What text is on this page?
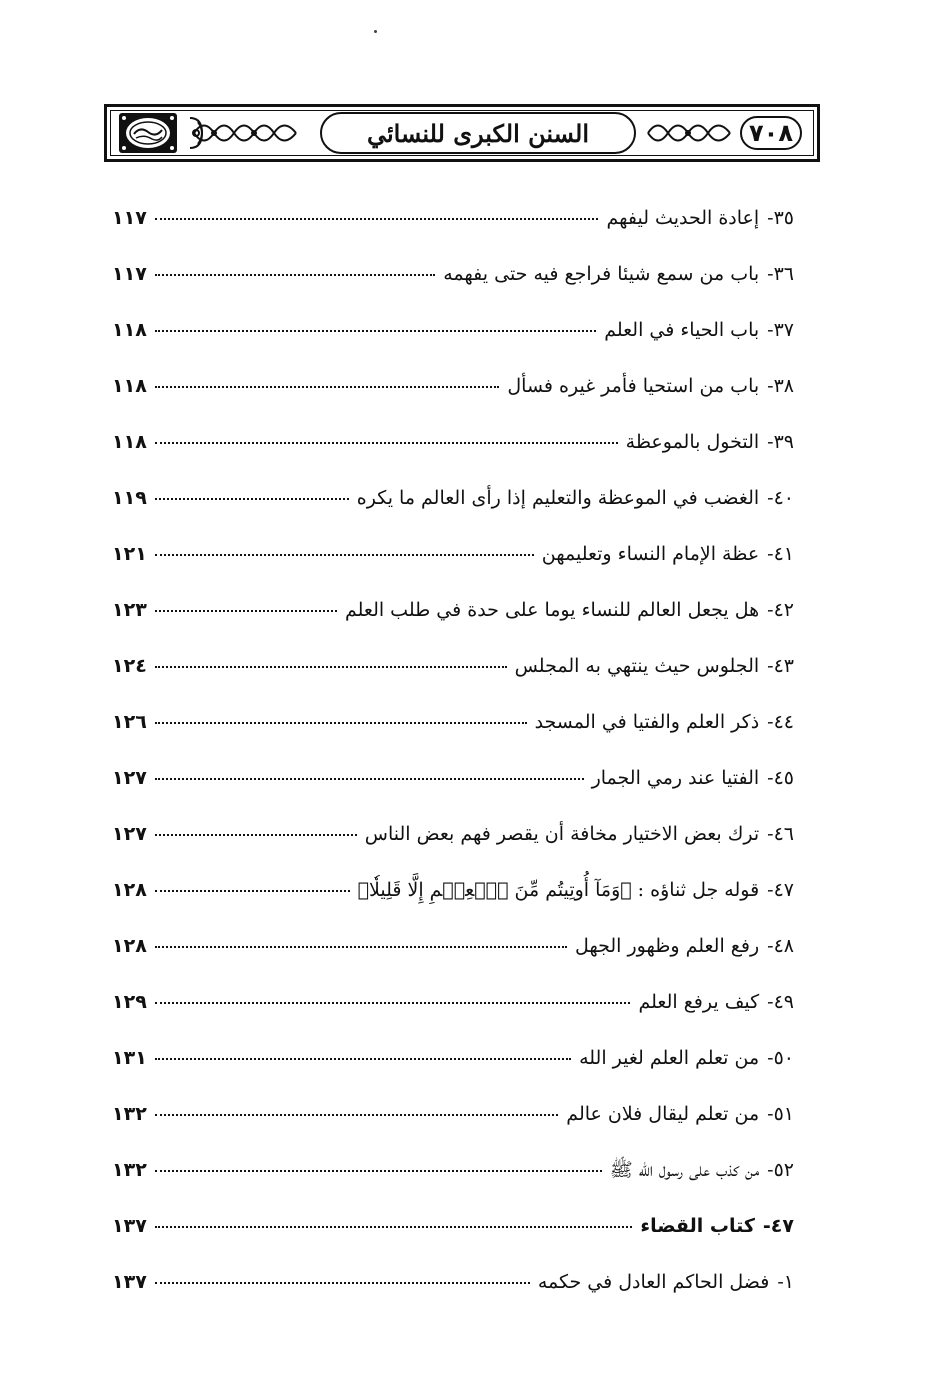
السنن الكبرى للنسائي	٧٠٨
٣٥-
إعادة الحديث ليفهم
١١٧
٣٦-
باب من سمع شيئا فراجع فيه حتى يفهمه
١١٧
٣٧-
باب الحياء في العلم
١١٨
٣٨-
باب من استحيا فأمر غيره فسأل
١١٨
٣٩-
التخول بالموعظة
١١٨
٤٠-
الغضب في الموعظة والتعليم إذا رأى العالم ما يكره
١١٩
٤١-
عظة الإمام النساء وتعليمهن
١٢١
٤٢-
هل يجعل العالم للنساء يوما على حدة في طلب العلم
١٢٣
٤٣-
الجلوس حيث ينتهي به المجلس
١٢٤
٤٤-
ذكر العلم والفتيا في المسجد
١٢٦
٤٥-
الفتيا عند رمي الجمار
١٢٧
٤٦-
ترك بعض الاختيار مخافة أن يقصر فهم بعض الناس
١٢٧
٤٧-
قوله جل ثناؤه : ﴿وَمَآ أُوتِيتُم مِّنَ ٱلۡعِلۡمِ إِلَّا قَلِيلٗا﴾
١٢٨
٤٨-
رفع العلم وظهور الجهل
١٢٨
٤٩-
كيف يرفع العلم
١٢٩
٥٠-
من تعلم العلم لغير الله
١٣١
٥١-
من تعلم ليقال فلان عالم
١٣٢
٥٢-
من كذب على رسول الله ﷺ
١٣٢
٤٧-
كتاب القضاء
١٣٧
١-
فضل الحاكم العادل في حكمه
١٣٧
